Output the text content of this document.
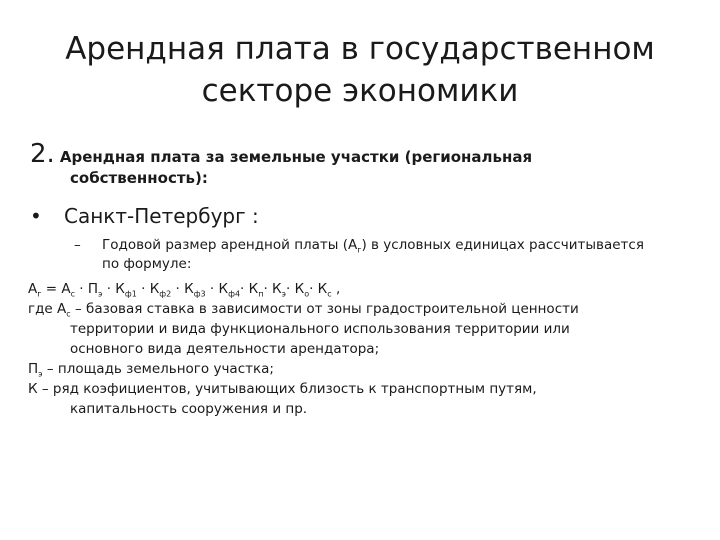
Арендная плата в государственном
секторе экономики
2. Арендная плата за земельные участки (региональная
собственность):
• Санкт-Петербург :
– Годовой размер арендной платы $(А_г)$ в условных единицах рассчитывается
по формуле:
$А_г = А_с \cdot П_э \cdot К_{ф1} \cdot К_{ф2} \cdot К_{ф3} \cdot К_{ф4}\cdot К_п\cdot К_э\cdot К_о\cdot К_с$ ,
где $А_с$ – базовая ставка в зависимости от зоны градостроительной ценности
территории и вида функционального использования территории или
основного вида деятельности арендатора;
$П_э$ – площадь земельного участка;
К – ряд коэфициентов, учитывающих близость к транспортным путям,
капитальность сооружения и пр.
